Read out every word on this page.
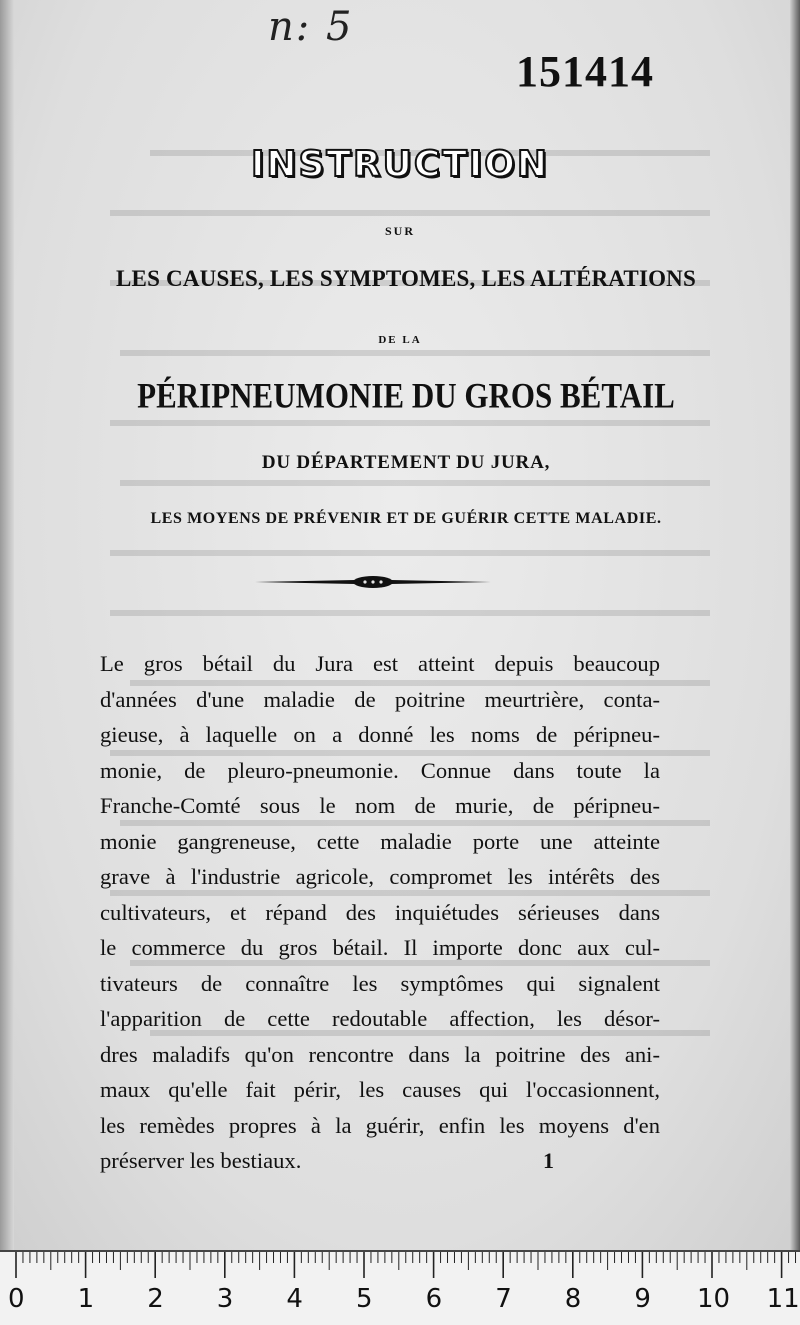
n: 5
151414
INSTRUCTION
SUR
LES CAUSES, LES SYMPTOMES, LES ALTÉRATIONS
DE LA
PÉRIPNEUMONIE DU GROS BÉTAIL
DU DÉPARTEMENT DU JURA,
LES MOYENS DE PRÉVENIR ET DE GUÉRIR CETTE MALADIE.
Le gros bétail du Jura est atteint depuis beaucoup
d'années d'une maladie de poitrine meurtrière, conta-
gieuse, à laquelle on a donné les noms de péripneu-
monie, de pleuro-pneumonie. Connue dans toute la
Franche-Comté sous le nom de murie, de péripneu-
monie gangreneuse, cette maladie porte une atteinte
grave à l'industrie agricole, compromet les intérêts des
cultivateurs, et répand des inquiétudes sérieuses dans
le commerce du gros bétail. Il importe donc aux cul-
tivateurs de connaître les symptômes qui signalent
l'apparition de cette redoutable affection, les désor-
dres maladifs qu'on rencontre dans la poitrine des ani-
maux qu'elle fait périr, les causes qui l'occasionnent,
les remèdes propres à la guérir, enfin les moyens d'en
préserver les bestiaux.	1
0 1 2 3 4 5 6 7 8 9 10 11
